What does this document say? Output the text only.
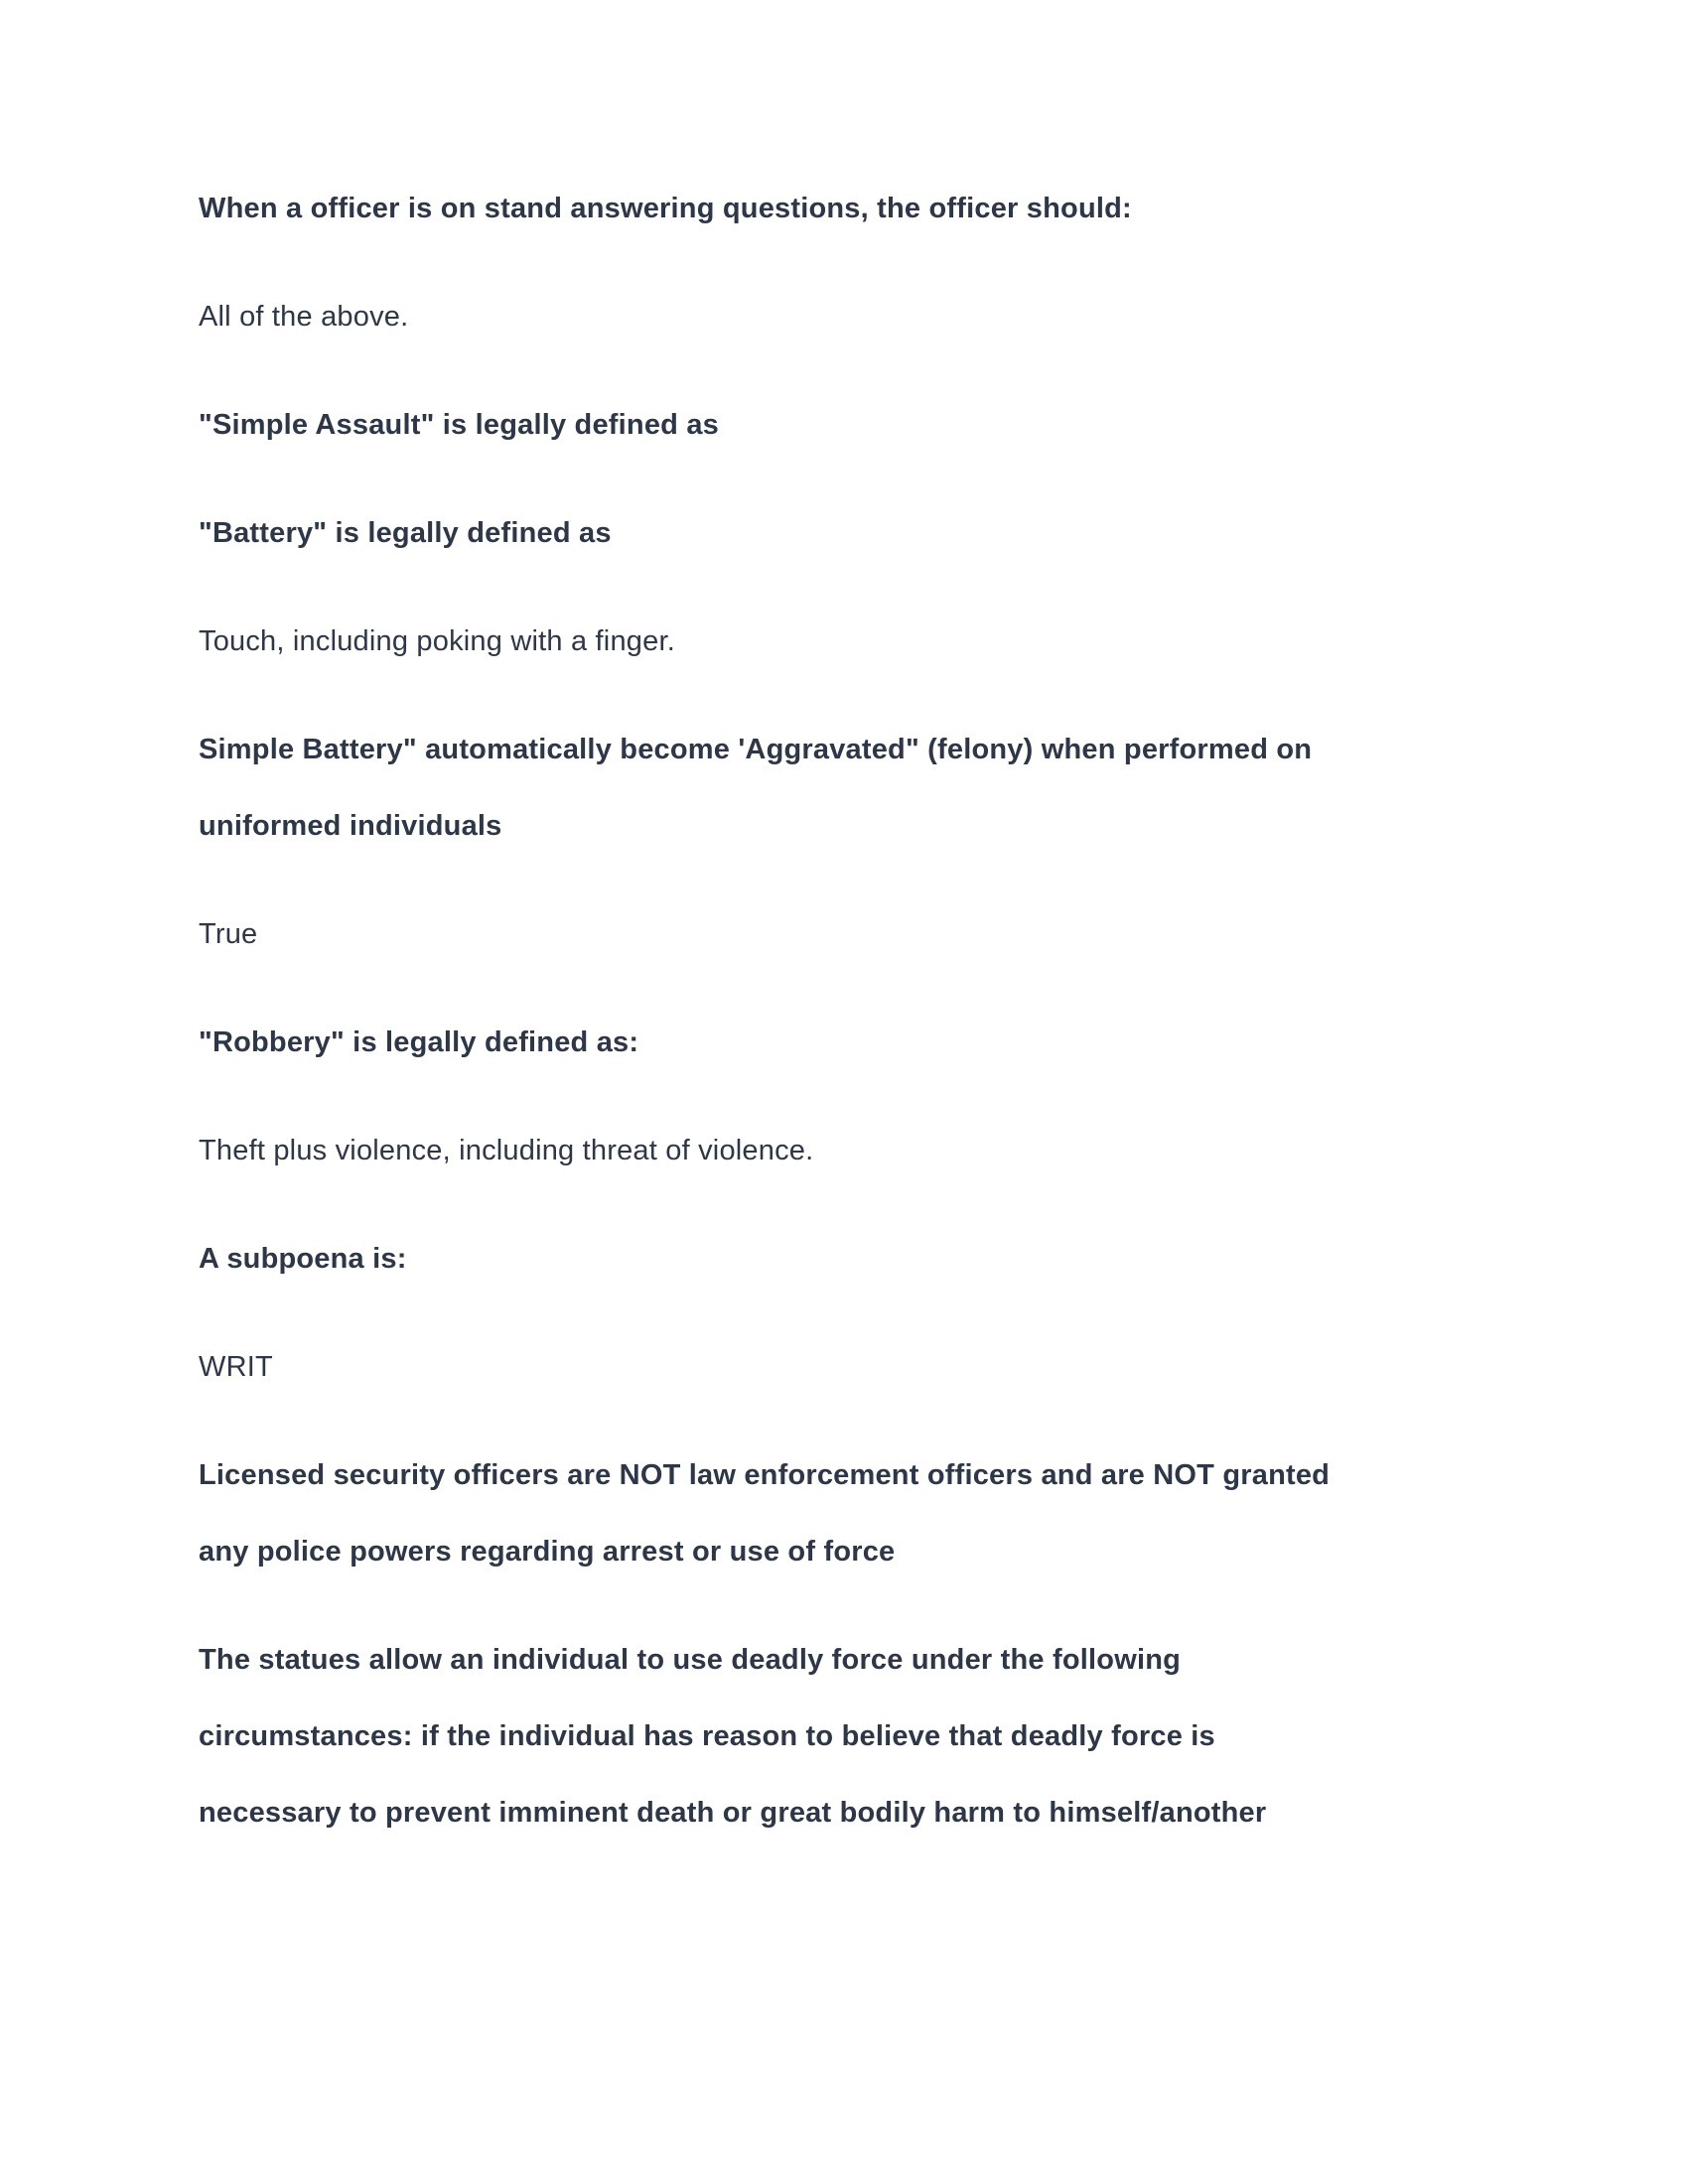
When a officer is on stand answering questions, the officer should:
All of the above.
"Simple Assault" is legally defined as
"Battery" is legally defined as
Touch, including poking with a finger.
Simple Battery" automatically become 'Aggravated" (felony) when performed on
uniformed individuals
True
"Robbery" is legally defined as:
Theft plus violence, including threat of violence.
A subpoena is:
WRIT
Licensed security officers are NOT law enforcement officers and are NOT granted
any police powers regarding arrest or use of force
The statues allow an individual to use deadly force under the following
circumstances: if the individual has reason to believe that deadly force is
necessary to prevent imminent death or great bodily harm to himself/another
